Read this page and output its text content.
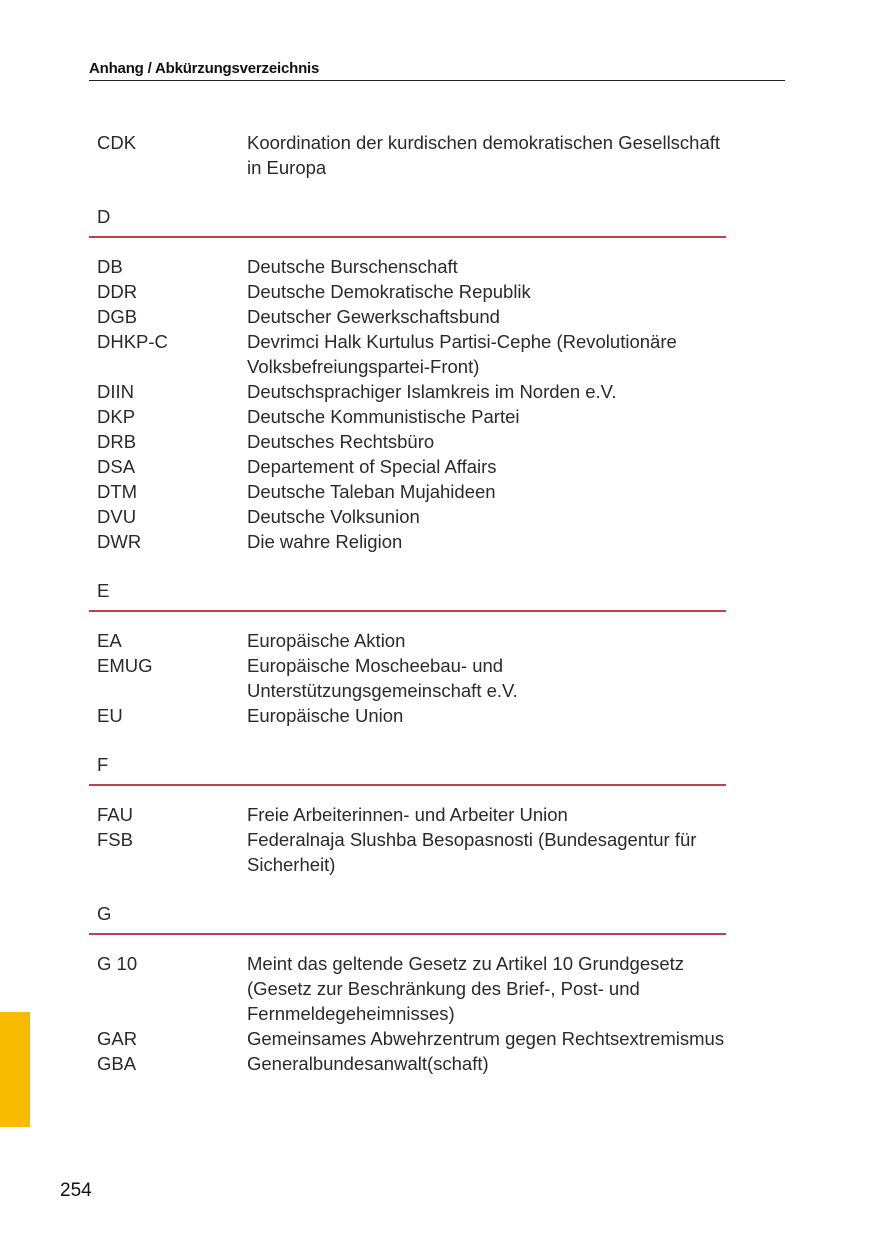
Anhang / Abkürzungsverzeichnis
CDK	Koordination der kurdischen demokratischen Gesellschaft in Europa
D
DB	Deutsche Burschenschaft
DDR	Deutsche Demokratische Republik
DGB	Deutscher Gewerkschaftsbund
DHKP-C	Devrimci Halk Kurtulus Partisi-Cephe (Revolutionäre Volksbefreiungspartei-Front)
DIIN	Deutschsprachiger Islamkreis im Norden e.V.
DKP	Deutsche Kommunistische Partei
DRB	Deutsches Rechtsbüro
DSA	Departement of Special Affairs
DTM	Deutsche Taleban Mujahideen
DVU	Deutsche Volksunion
DWR	Die wahre Religion
E
EA	Europäische Aktion
EMUG	Europäische Moscheebau- und Unterstützungsgemeinschaft e.V.
EU	Europäische Union
F
FAU	Freie Arbeiterinnen- und Arbeiter Union
FSB	Federalnaja Slushba Besopasnosti (Bundesagentur für Sicherheit)
G
G 10	Meint das geltende Gesetz zu Artikel 10 Grundgesetz (Gesetz zur Beschränkung des Brief-, Post- und Fernmeldegeheimnisses)
GAR	Gemeinsames Abwehrzentrum gegen Rechtsextremismus
GBA	Generalbundesanwalt(schaft)
254
